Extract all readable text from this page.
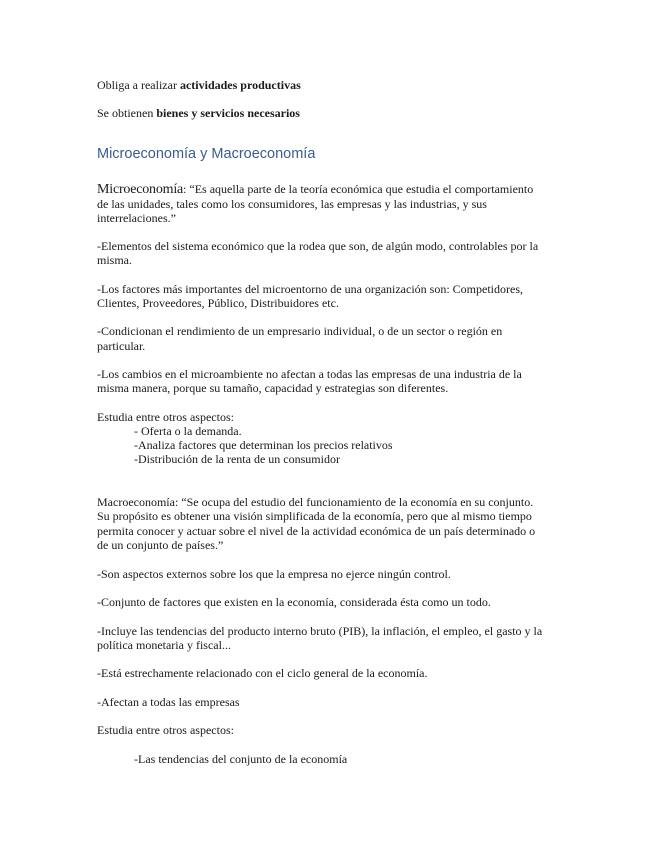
Obliga a realizar actividades productivas
Se obtienen bienes y servicios necesarios
Microeconomía y Macroeconomía
Microeconomía: “Es aquella parte de la teoría económica que estudia el comportamiento
de las unidades, tales como los consumidores, las empresas y las industrias, y sus
interrelaciones.”
-Elementos del sistema económico que la rodea que son, de algún modo, controlables por la
misma.
-Los factores más importantes del microentorno de una organización son: Competidores,
Clientes, Proveedores, Público, Distribuidores etc.
-Condicionan el rendimiento de un empresario individual, o de un sector o región en
particular.
-Los cambios en el microambiente no afectan a todas las empresas de una industria de la
misma manera, porque su tamaño, capacidad y estrategias son diferentes.
Estudia entre otros aspectos:
- Oferta o la demanda.
-Analiza factores que determinan los precios relativos
-Distribución de la renta de un consumidor
Macroeconomía: “Se ocupa del estudio del funcionamiento de la economía en su conjunto.
Su propósito es obtener una visión simplificada de la economía, pero que al mismo tiempo
permita conocer y actuar sobre el nivel de la actividad económica de un país determinado o
de un conjunto de países.”
-Son aspectos externos sobre los que la empresa no ejerce ningún control.
-Conjunto de factores que existen en la economía, considerada ésta como un todo.
-Incluye las tendencias del producto interno bruto (PIB), la inflación, el empleo, el gasto y la
política monetaria y fiscal...
-Está estrechamente relacionado con el ciclo general de la economía.
-Afectan a todas las empresas
Estudia entre otros aspectos:
-Las tendencias del conjunto de la economía
